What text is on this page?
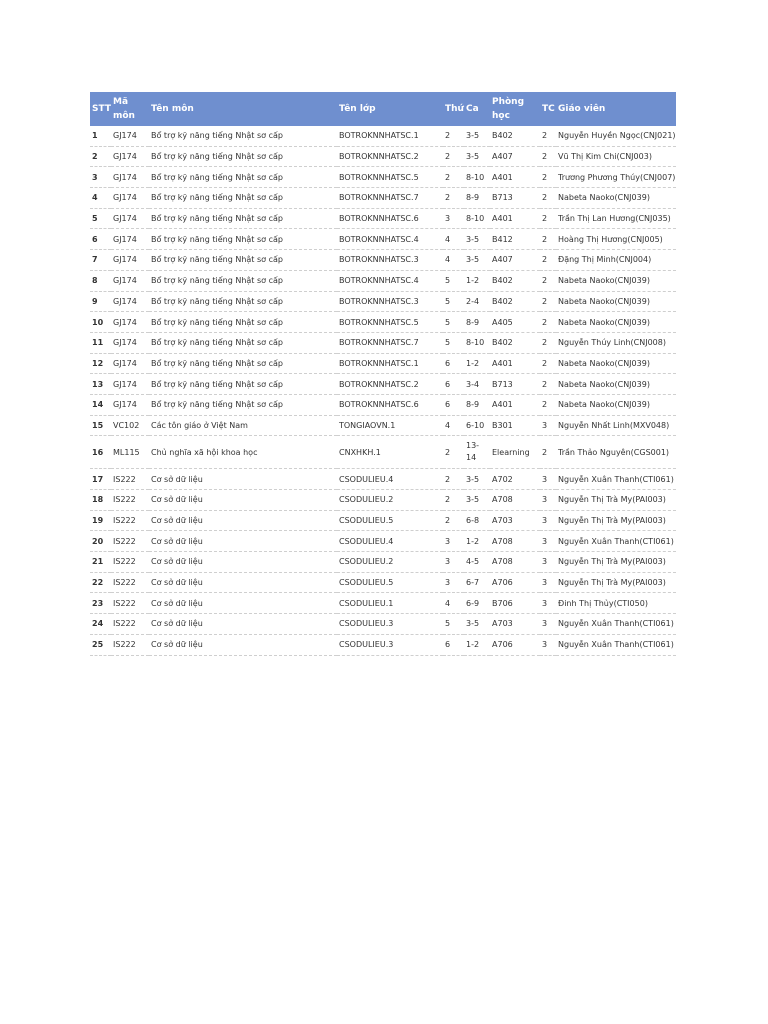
STT	Mã môn	Tên môn	Tên lớp	Thứ	Ca	Phòng học	TC	Giáo viên
1	GJ174	Bổ trợ kỹ năng tiếng Nhật sơ cấp	BOTROKNNHATSC.1	2	3-5	B402	2	Nguyễn Huyền Ngọc(CNJ021)
2	GJ174	Bổ trợ kỹ năng tiếng Nhật sơ cấp	BOTROKNNHATSC.2	2	3-5	A407	2	Vũ Thị Kim Chi(CNJ003)
3	GJ174	Bổ trợ kỹ năng tiếng Nhật sơ cấp	BOTROKNNHATSC.5	2	8-10	A401	2	Trương Phương Thúy(CNJ007)
4	GJ174	Bổ trợ kỹ năng tiếng Nhật sơ cấp	BOTROKNNHATSC.7	2	8-9	B713	2	Nabeta Naoko(CNJ039)
5	GJ174	Bổ trợ kỹ năng tiếng Nhật sơ cấp	BOTROKNNHATSC.6	3	8-10	A401	2	Trần Thị Lan Hương(CNJ035)
6	GJ174	Bổ trợ kỹ năng tiếng Nhật sơ cấp	BOTROKNNHATSC.4	4	3-5	B412	2	Hoàng Thị Hương(CNJ005)
7	GJ174	Bổ trợ kỹ năng tiếng Nhật sơ cấp	BOTROKNNHATSC.3	4	3-5	A407	2	Đặng Thị Minh(CNJ004)
8	GJ174	Bổ trợ kỹ năng tiếng Nhật sơ cấp	BOTROKNNHATSC.4	5	1-2	B402	2	Nabeta Naoko(CNJ039)
9	GJ174	Bổ trợ kỹ năng tiếng Nhật sơ cấp	BOTROKNNHATSC.3	5	2-4	B402	2	Nabeta Naoko(CNJ039)
10	GJ174	Bổ trợ kỹ năng tiếng Nhật sơ cấp	BOTROKNNHATSC.5	5	8-9	A405	2	Nabeta Naoko(CNJ039)
11	GJ174	Bổ trợ kỹ năng tiếng Nhật sơ cấp	BOTROKNNHATSC.7	5	8-10	B402	2	Nguyễn Thúy Linh(CNJ008)
12	GJ174	Bổ trợ kỹ năng tiếng Nhật sơ cấp	BOTROKNNHATSC.1	6	1-2	A401	2	Nabeta Naoko(CNJ039)
13	GJ174	Bổ trợ kỹ năng tiếng Nhật sơ cấp	BOTROKNNHATSC.2	6	3-4	B713	2	Nabeta Naoko(CNJ039)
14	GJ174	Bổ trợ kỹ năng tiếng Nhật sơ cấp	BOTROKNNHATSC.6	6	8-9	A401	2	Nabeta Naoko(CNJ039)
15	VC102	Các tôn giáo ở Việt Nam	TONGIAOVN.1	4	6-10	B301	3	Nguyễn Nhất Linh(MXV048)
16	ML115	Chủ nghĩa xã hội khoa học	CNXHKH.1	2	13-14	Elearning	2	Trần Thảo Nguyên(CGS001)
17	IS222	Cơ sở dữ liệu	CSODULIEU.4	2	3-5	A702	3	Nguyễn Xuân Thanh(CTI061)
18	IS222	Cơ sở dữ liệu	CSODULIEU.2	2	3-5	A708	3	Nguyễn Thị Trà My(PAI003)
19	IS222	Cơ sở dữ liệu	CSODULIEU.5	2	6-8	A703	3	Nguyễn Thị Trà My(PAI003)
20	IS222	Cơ sở dữ liệu	CSODULIEU.4	3	1-2	A708	3	Nguyễn Xuân Thanh(CTI061)
21	IS222	Cơ sở dữ liệu	CSODULIEU.2	3	4-5	A708	3	Nguyễn Thị Trà My(PAI003)
22	IS222	Cơ sở dữ liệu	CSODULIEU.5	3	6-7	A706	3	Nguyễn Thị Trà My(PAI003)
23	IS222	Cơ sở dữ liệu	CSODULIEU.1	4	6-9	B706	3	Đinh Thị Thủy(CTI050)
24	IS222	Cơ sở dữ liệu	CSODULIEU.3	5	3-5	A703	3	Nguyễn Xuân Thanh(CTI061)
25	IS222	Cơ sở dữ liệu	CSODULIEU.3	6	1-2	A706	3	Nguyễn Xuân Thanh(CTI061)
